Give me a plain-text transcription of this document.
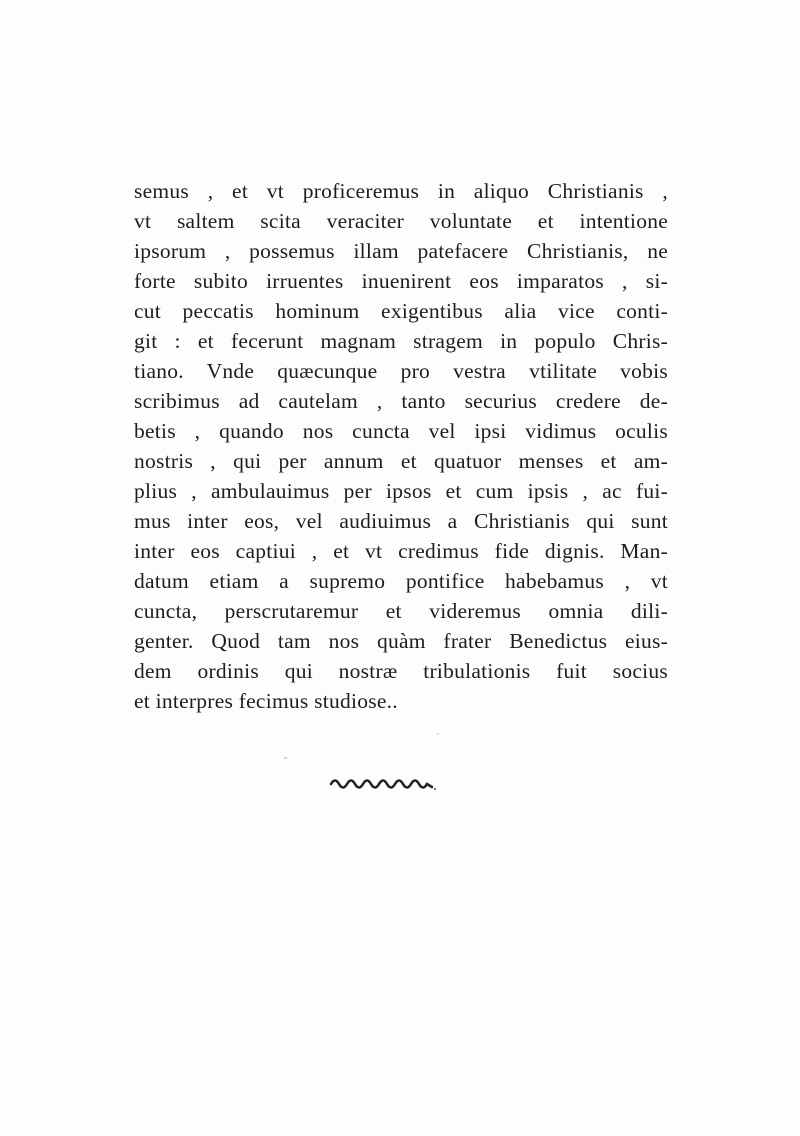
semus , et vt proficeremus in aliquo Christianis ,
vt saltem scita veraciter voluntate et intentione
ipsorum , possemus illam patefacere Christianis, ne
forte subito irruentes inuenirent eos imparatos , si-
cut peccatis hominum exigentibus alia vice conti-
git : et fecerunt magnam stragem in populo Chris-
tiano. Vnde quæcunque pro vestra vtilitate vobis
scribimus ad cautelam , tanto securius credere de-
betis , quando nos cuncta vel ipsi vidimus oculis
nostris , qui per annum et quatuor menses et am-
plius , ambulauimus per ipsos et cum ipsis , ac fui-
mus inter eos, vel audiuimus a Christianis qui sunt
inter eos captiui , et vt credimus fide dignis. Man-
datum etiam a supremo pontifice habebamus , vt
cuncta, perscrutaremur et videremus omnia dili-
genter. Quod tam nos quàm frater Benedictus eius-
dem ordinis qui nostræ tribulationis fuit socius
et interpres fecimus studiose..
